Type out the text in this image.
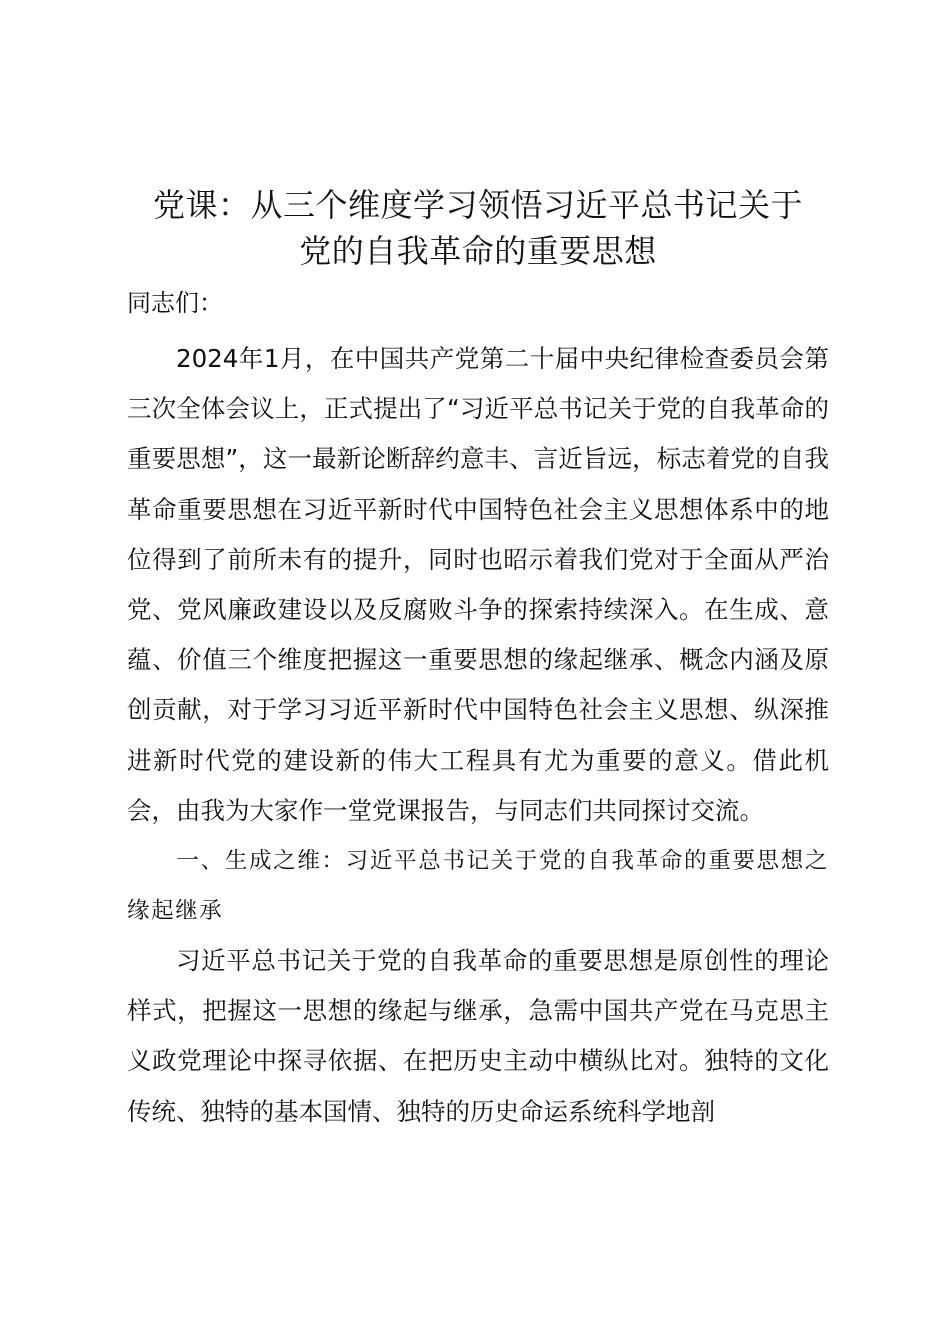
党课：从三个维度学习领悟习近平总书记关于
党的自我革命的重要思想

同志们：

2024年1月，在中国共产党第二十届中央纪律检查委员会第三次全体会议上，正式提出了“习近平总书记关于党的自我革命的重要思想”，这一最新论断辞约意丰、言近旨远，标志着党的自我革命重要思想在习近平新时代中国特色社会主义思想体系中的地位得到了前所未有的提升，同时也昭示着我们党对于全面从严治党、党风廉政建设以及反腐败斗争的探索持续深入。在生成、意蕴、价值三个维度把握这一重要思想的缘起继承、概念内涵及原创贡献，对于学习习近平新时代中国特色社会主义思想、纵深推进新时代党的建设新的伟大工程具有尤为重要的意义。借此机会，由我为大家作一堂党课报告，与同志们共同探讨交流。

一、生成之维：习近平总书记关于党的自我革命的重要思想之缘起继承

习近平总书记关于党的自我革命的重要思想是原创性的理论样式，把握这一思想的缘起与继承，急需中国共产党在马克思主义政党理论中探寻依据、在把历史主动中横纵比对。独特的文化传统、独特的基本国情、独特的历史命运系统科学地剖
